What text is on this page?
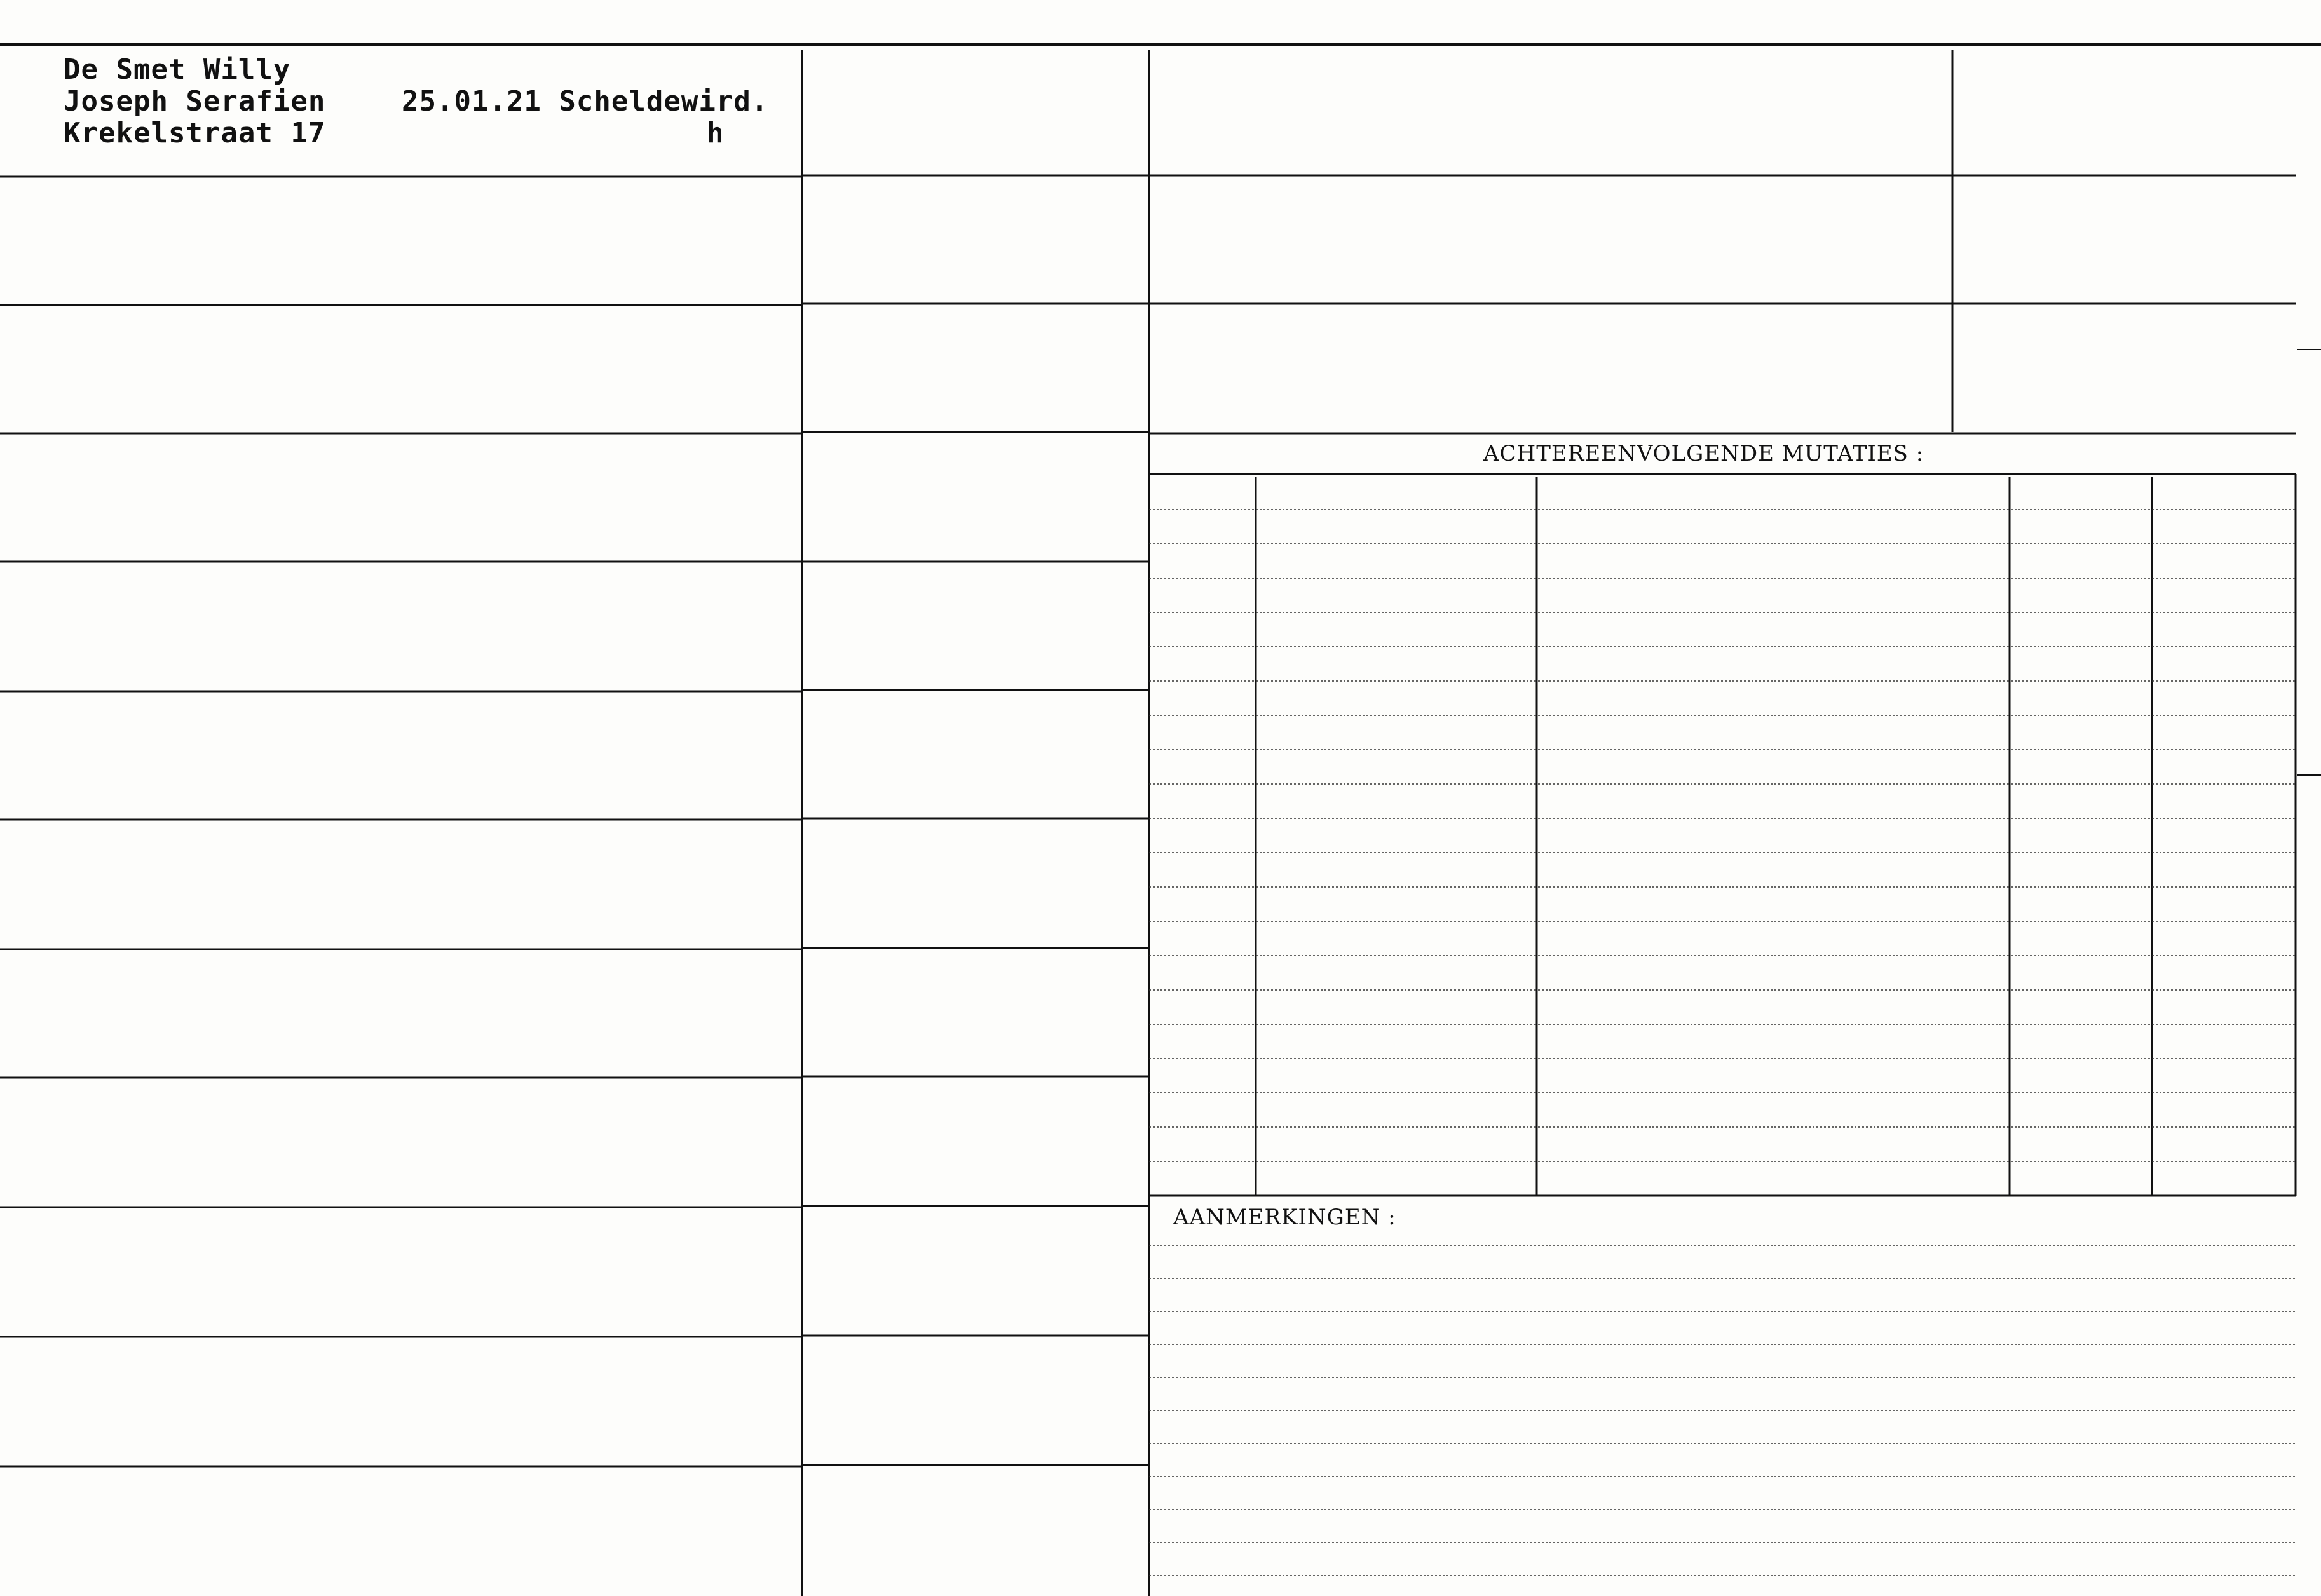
De Smet Willy
Joseph Serafien
Krekelstraat 17
25.01.21 Scheldewird.
h
ACHTEREENVOLGENDE MUTATIES :
AANMERKINGEN :
